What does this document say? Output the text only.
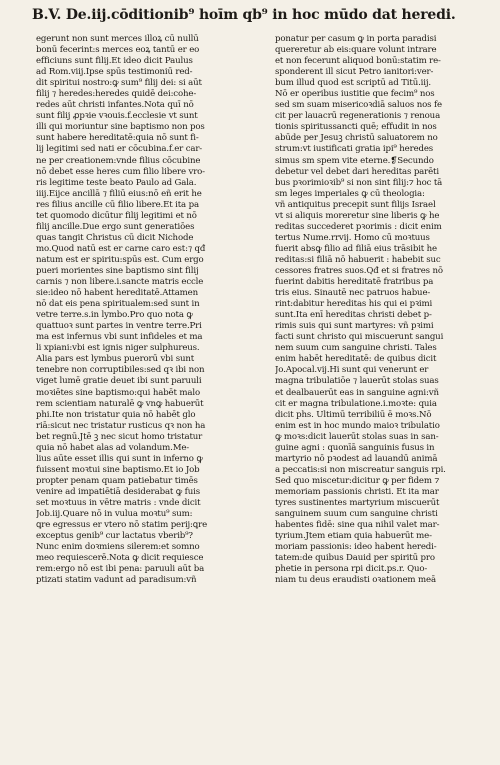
B.V. De.iij.cōditionib⁹ hoīm qb⁹ in hoc mūdo dat heredi.
egerunt non sunt merces illoꝝ cū nullū
bonū fecerint:s merces eoꝝ tantū er eo
efficiuns sunt filij.Et ideo dicit Paulus
ad Rom.viij.Ipse spūs testimoniū red-
dit spiritui nostro:ꝙ sum⁹ filij dei: si aūt
filij ⁊ heredes:heredes quidē dei:cohe-
redes aūt christi infantes.Nota quī nō
sunt filij ꝓpꝛie vꝛouis.f.ecclesie vt sunt
illi qui moriuntur sine baptismo non pos
sunt habere hereditatē:quia nō sunt fi-
lij legitimi sed nati er cōcubina.f.er car-
ne per creationem:vnde filius cōcubine
nō debet esse heres cum filio libere vro-
ris legitime teste beato Paulo ad Gala.
iiij.Eijce ancillā ⁊ filiū eius:nō eñ erit he
res filius ancille cū filio libere.Et ita pa
tet quomodo dicūtur filij legitimi et nō
filij ancille.Due ergo sunt generatiōes
quas tangit Christus cū dicit Nichode
mo.Quod natū est er carne caro est:⁊ qđ
natum est er spiritu:spūs est. Cum ergo
pueri morientes sine baptismo sint filij
carnis ⁊ non libere.i.sancte matris eccle
sie:ideo nō habent hereditatē.Attamen
nō dat eis pena spiritualem:sed sunt in
vetre terre.s.in lymbo.Pro quo nota ꝙ
quattuoꝛ sunt partes in ventre terre.Pri
ma est infernus vbi sunt infideles et ma
li xpiani:vbi est ignis niger sulphureus.
Alia pars est lymbus puerorū vbi sunt
tenebre non corruptibiles:sed qꝛ ibi non
viget lumē gratie deuet ibi sunt paruuli
moꝛiētes sine baptismo:qui habēt malo
rem scientiam naturalē ꝙ vnꝙ habuerūt
phi.Ite non tristatur quia nō habēt glo
riā:sicut nec tristatur rusticus qꝛ non ha
bet regnū.Jtē ꝫ nec sicut homo tristatur
quia nō habet alas ad volandum.Me-
lius aūte esset illis qui sunt in inferno ꝙ
fuissent moꝛtui sine baptismo.Et io Job
propter penam quam patiebatur timēs
venire ad impatiētiā desiderabat ꝙ fuis
set moꝛtuus in vētre matris : vnde dicit
Job.iij.Quare nō in vulua moꝛtu⁹ sum:
ꝗre egressus er vtero nō statim perij:ꝗre
exceptus genib⁹ cur lactatus vberib⁹?
Nunc enim doꝛmiens silerem:et somno
meo requiescerē.Nota ꝙ dicit requiesce
rem:ergo nō est ibi pena: paruuli aūt ba
ptizati statim vadunt ad paradisum:vñ
ponatur per casum ꝙ in porta paradisi
quereretur ab eis:quare volunt intrare
et non fecerunt aliquod bonū:statim re-
sponderent ill sicut Petro ianitori:ver-
bum illud quod est scriptū ad Titū.iij.
Nō er operibus iustitie que fecim⁹ nos
sed sm suam misericoꝛdiā saluos nos fe
cit per lauacrū regenerationis ⁊ renoua
tionis spiritussancti quē; effudit in nos
abūde per Jesuꝫ christū saluatorem no
strum:vt iustificati gratia ipi⁹ heredes
simus sm spem vite eterne.❡Secundo
debetur vel debet dari hereditas parēti
bus pꝛorimioꝛib⁹ si non sint filij:⁊ hoc tā
sm leges imperiales ꝙ cū theologia:
vñ antiquitus precepit sunt filijs Israel
vt si aliquis moreretur sine liberis ꝙ he
reditas succederet pꝛorimis : dicit enim
tertus Nume.rrvij. Homo cū moꝛtuus
fuerit absꝙ filio ad filiā eius trāsibit he
reditas:si filiā nō habuerit : habebit suc
cessores fratres suos.Qđ et si fratres nō
fuerint dabitis hereditatē fratribus pa
tris eius. Sinautē nec patruos habue-
rint:dabitur hereditas his qui ei pꝛimi
sunt.Ita enī hereditas christi debet p-
rimis suis qui sunt martyres: vñ pꝛimi
facti sunt christo qui miscuerunt sangui
nem suum cum sanguine christi. Tales
enim habēt hereditatē: de quibus dicit
Jo.Apocal.vij.Hi sunt qui venerunt er
magna tribulatiōe ⁊ lauerūt stolas suas
et dealbauerūt eas in sanguine agni:vñ
cit er magna tribulatione.i.moꝛte: quia
dicit phs. Ultimū terribiliū ē moꝛs.Nō
enim est in hoc mundo maioꝛ tribulatio
ꝙ moꝛs:dicit lauerūt stolas suas in san-
guine agni : quonīā sanguinis fusus in
martyrio nō pꝛodest ad lauandū animā
a peccatis:si non miscreatur sanguis rpi.
Sed quo miscetur:dicitur ꝙ per fidem ⁊
memoriam passionis christi. Et ita mar
tyres sustinentes martyrium miscuerūt
sanguinem suum cum sanguine christi
habentes fidē: sine qua nihil valet mar-
tyrium.Jtem etiam quia habuerūt me-
moriam passionis: ideo habent heredi-
tatem:de quibus Dauid per spiritū pro
phetie in persona rpi dicit.ps.r. Quo-
niam tu deus eraudisti oꝛationem meā
